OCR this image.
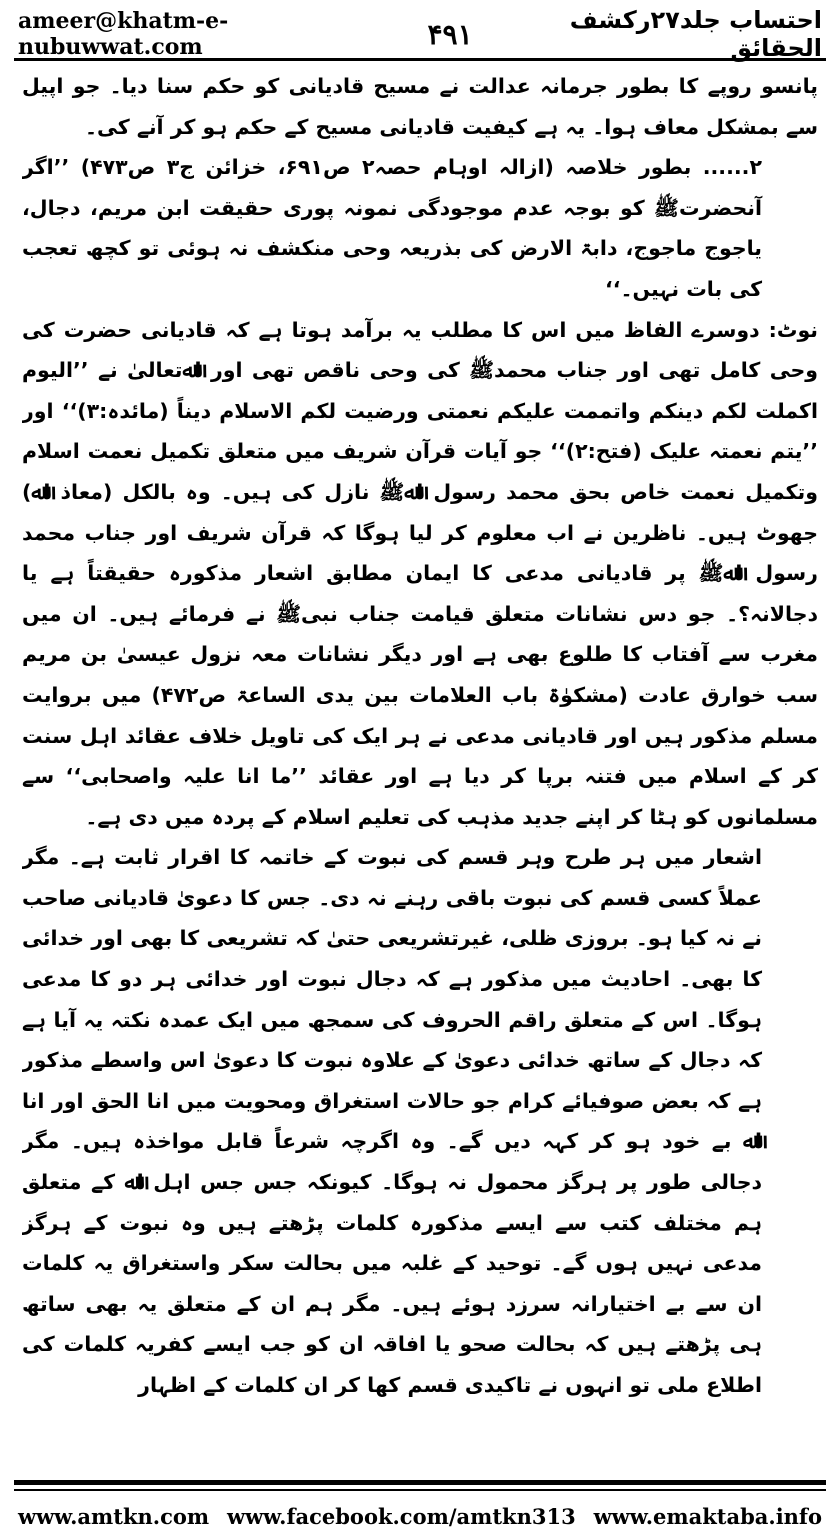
ameer@khatm-e-nubuwwat.com	۴۹۱	احتساب جلد۲۷رکشف الحقائق

پانسو روپے کا بطور جرمانہ عدالت نے مسیح قادیانی کو حکم سنا دیا۔ جو اپیل سے بمشکل معاف ہوا۔ یہ ہے کیفیت قادیانی مسیح کے حکم ہو کر آنے کی۔

۲...... بطور خلاصہ (ازالہ اوہام حصہ۲ ص۶۹۱، خزائن ج۳ ص۴۷۳) ’’اگر آنحضرتﷺ کو بوجہ عدم موجودگی نمونہ پوری حقیقت ابن مریم، دجال، یاجوج ماجوج، دابۃ الارض کی بذریعہ وحی منکشف نہ ہوئی تو کچھ تعجب کی بات نہیں۔‘‘

نوٹ: دوسرے الفاظ میں اس کا مطلب یہ برآمد ہوتا ہے کہ قادیانی حضرت کی وحی کامل تھی اور جناب محمدﷺ کی وحی ناقص تھی اور اﷲتعالیٰ نے ’’الیوم اکملت لکم دینکم واتممت علیکم نعمتی ورضیت لکم الاسلام دیناً (مائدہ:۳)‘‘ اور ’’یتم نعمتہ علیک (فتح:۲)‘‘ جو آیات قرآن شریف میں متعلق تکمیل نعمت اسلام وتکمیل نعمت خاص بحق محمد رسول اﷲﷺ نازل کی ہیں۔ وہ بالکل (معاذ اﷲ) جھوٹ ہیں۔ ناظرین نے اب معلوم کر لیا ہوگا کہ قرآن شریف اور جناب محمد رسول اﷲﷺ پر قادیانی مدعی کا ایمان مطابق اشعار مذکورہ حقیقتاً ہے یا دجالانہ؟۔ جو دس نشانات متعلق قیامت جناب نبیﷺ نے فرمائے ہیں۔ ان میں مغرب سے آفتاب کا طلوع بھی ہے اور دیگر نشانات معہ نزول عیسیٰ بن مریم سب خوارق عادت (مشکوٰۃ باب العلامات بین یدی الساعۃ ص۴۷۲) میں بروایت مسلم مذکور ہیں اور قادیانی مدعی نے ہر ایک کی تاویل خلاف عقائد اہل سنت کر کے اسلام میں فتنہ برپا کر دیا ہے اور عقائد ’’ما انا علیہ واصحابی‘‘ سے مسلمانوں کو ہٹا کر اپنے جدید مذہب کی تعلیم اسلام کے پردہ میں دی ہے۔

اشعار میں ہر طرح وہر قسم کی نبوت کے خاتمہ کا اقرار ثابت ہے۔ مگر عملاً کسی قسم کی نبوت باقی رہنے نہ دی۔ جس کا دعویٰ قادیانی صاحب نے نہ کیا ہو۔ بروزی ظلی، غیرتشریعی حتیٰ کہ تشریعی کا بھی اور خدائی کا بھی۔ احادیث میں مذکور ہے کہ دجال نبوت اور خدائی ہر دو کا مدعی ہوگا۔ اس کے متعلق راقم الحروف کی سمجھ میں ایک عمدہ نکتہ یہ آیا ہے کہ دجال کے ساتھ خدائی دعویٰ کے علاوہ نبوت کا دعویٰ اس واسطے مذکور ہے کہ بعض صوفیائے کرام جو حالات استغراق ومحویت میں انا الحق اور انا اﷲ بے خود ہو کر کہہ دیں گے۔ وہ اگرچہ شرعاً قابل مواخذہ ہیں۔ مگر دجالی طور پر ہرگز محمول نہ ہوگا۔ کیونکہ جس جس اہل اﷲ کے متعلق ہم مختلف کتب سے ایسے مذکورہ کلمات پڑھتے ہیں وہ نبوت کے ہرگز مدعی نہیں ہوں گے۔ توحید کے غلبہ میں بحالت سکر واستغراق یہ کلمات ان سے بے اختیارانہ سرزد ہوئے ہیں۔ مگر ہم ان کے متعلق یہ بھی ساتھ ہی پڑھتے ہیں کہ بحالت صحو یا افاقہ ان کو جب ایسے کفریہ کلمات کی اطلاع ملی تو انہوں نے تاکیدی قسم کھا کر ان کلمات کے اظہار

www.amtkn.com www.facebook.com/amtkn313 www.emaktaba.info
